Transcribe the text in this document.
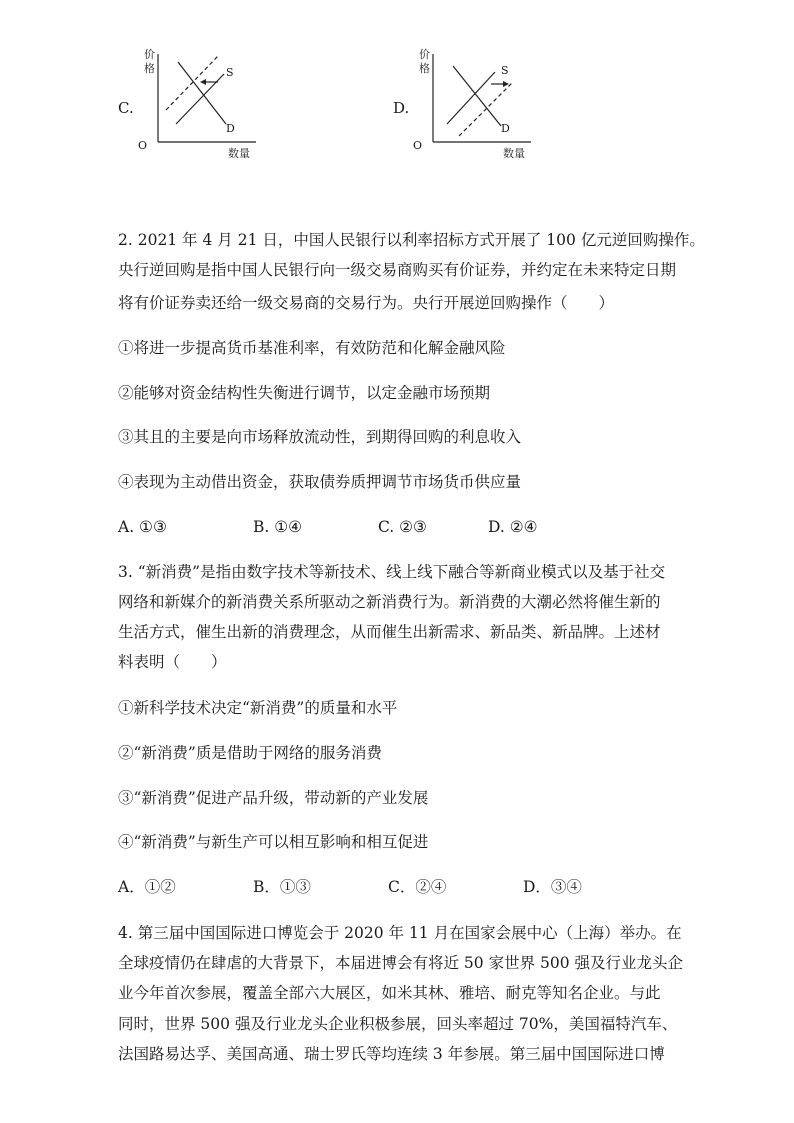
C.
价
格
O
数量
S
D
D.
价
格
O
数量
S
D
2. 2021 年 4 月 21 日，中国人民银行以利率招标方式开展了 100 亿元逆回购操作。
央行逆回购是指中国人民银行向一级交易商购买有价证券，并约定在未来特定日期
将有价证券卖还给一级交易商的交易行为。央行开展逆回购操作（　　）
①将进一步提高货币基准利率，有效防范和化解金融风险
②能够对资金结构性失衡进行调节，以定金融市场预期
③其且的主要是向市场释放流动性，到期得回购的利息收入
④表现为主动借出资金，获取债券质押调节市场货币供应量
A. ①③	B. ①④	C. ②③	D. ②④
3. “新消费”是指由数字技术等新技术、线上线下融合等新商业模式以及基于社交
网络和新媒介的新消费关系所驱动之新消费行为。新消费的大潮必然将催生新的
生活方式，催生出新的消费理念，从而催生出新需求、新品类、新品牌。上述材
料表明（　　）
①新科学技术决定“新消费”的质量和水平
②“新消费”质是借助于网络的服务消费
③“新消费”促进产品升级，带动新的产业发展
④“新消费”与新生产可以相互影响和相互促进
A．①②	B．①③	C．②④	D．③④
4. 第三届中国国际进口博览会于 2020 年 11 月在国家会展中心（上海）举办。在
全球疫情仍在肆虐的大背景下，本届进博会有将近 50 家世界 500 强及行业龙头企
业今年首次参展，覆盖全部六大展区，如米其林、雅培、耐克等知名企业。与此
同时，世界 500 强及行业龙头企业积极参展，回头率超过 70%，美国福特汽车、
法国路易达孚、美国高通、瑞士罗氏等均连续 3 年参展。第三届中国国际进口博
